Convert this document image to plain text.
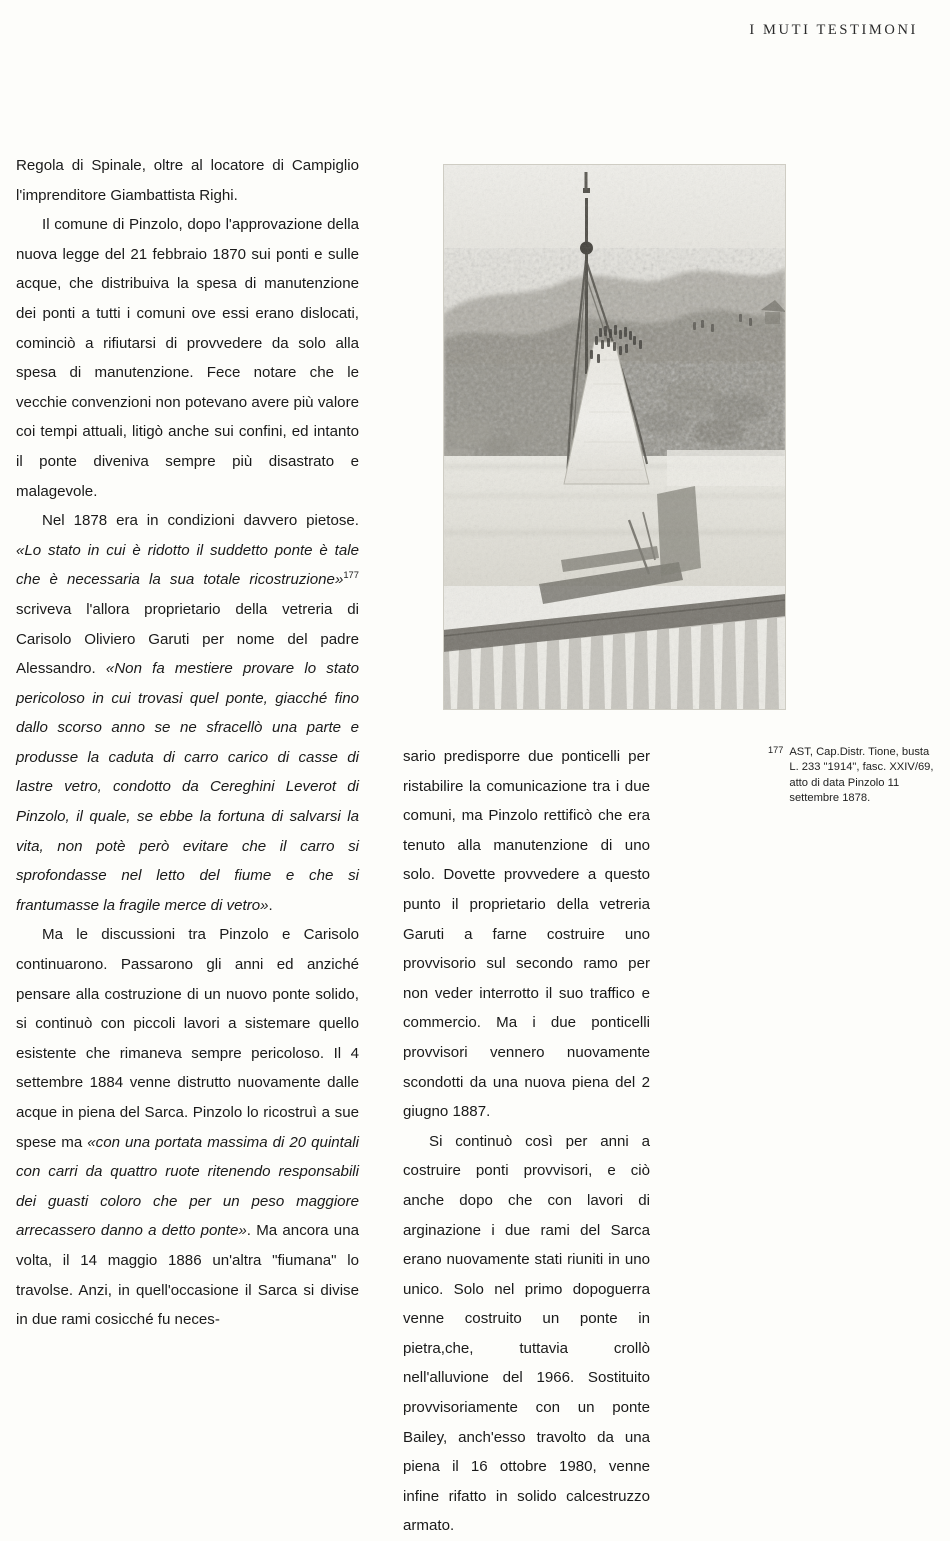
I MUTI TESTIMONI

Regola di Spinale, oltre al locatore di Campiglio l'imprenditore Giambattista Righi.

Il comune di Pinzolo, dopo l'approvazione della nuova legge del 21 febbraio 1870 sui ponti e sulle acque, che distribuiva la spesa di manutenzione dei ponti a tutti i comuni ove essi erano dislocati, cominciò a rifiutarsi di provvedere da solo alla spesa di manutenzione. Fece notare che le vecchie convenzioni non potevano avere più valore coi tempi attuali, litigò anche sui confini, ed intanto il ponte diveniva sempre più disastrato e malagevole.

Nel 1878 era in condizioni davvero pietose. «Lo stato in cui è ridotto il suddetto ponte è tale che è necessaria la sua totale ricostruzione»$^{177}$ scriveva l'allora proprietario della vetreria di Carisolo Oliviero Garuti per nome del padre Alessandro. «Non fa mestiere provare lo stato pericoloso in cui trovasi quel ponte, giacché fino dallo scorso anno se ne sfracellò una parte e produsse la caduta di carro carico di casse di lastre vetro, condotto da Cereghini Leverot di Pinzolo, il quale, se ebbe la fortuna di salvarsi la vita, non potè però evitare che il carro si sprofondasse nel letto del fiume e che si frantumasse la fragile merce di vetro».

Ma le discussioni tra Pinzolo e Carisolo continuarono. Passarono gli anni ed anziché pensare alla costruzione di un nuovo ponte solido, si continuò con piccoli lavori a sistemare quello esistente che rimaneva sempre pericoloso. Il 4 settembre 1884 venne distrutto nuovamente dalle acque in piena del Sarca. Pinzolo lo ricostruì a sue spese ma «con una portata massima di 20 quintali con carri da quattro ruote ritenendo responsabili dei guasti coloro che per un peso maggiore arrecassero danno a detto ponte». Ma ancora una volta, il 14 maggio 1886 un'altra "fiumana" lo travolse. Anzi, in quell'occasione il Sarca si divise in due rami cosicché fu neces-

sario predisporre due ponticelli per ristabilire la comunicazione tra i due comuni, ma Pinzolo rettificò che era tenuto alla manutenzione di uno solo. Dovette provvedere a questo punto il proprietario della vetreria Garuti a farne costruire uno provvisorio sul secondo ramo per non veder interrotto il suo traffico e commercio. Ma i due ponticelli provvisori vennero nuovamente scondotti da una nuova piena del 2 giugno 1887.

Si continuò così per anni a costruire ponti provvisori, e ciò anche dopo che con lavori di arginazione i due rami del Sarca erano nuovamente stati riuniti in uno unico. Solo nel primo dopoguerra venne costruito un ponte in pietra,che, tuttavia crollò nell'alluvione del 1966. Sostituito provvisoriamente con un ponte Bailey, anch'esso travolto da una piena il 16 ottobre 1980, venne infine rifatto in solido calcestruzzo armato.

177 AST, Cap.Distr. Tione, busta L. 233 "1914", fasc. XXIV/69, atto di data Pinzolo 11 settembre 1878.
